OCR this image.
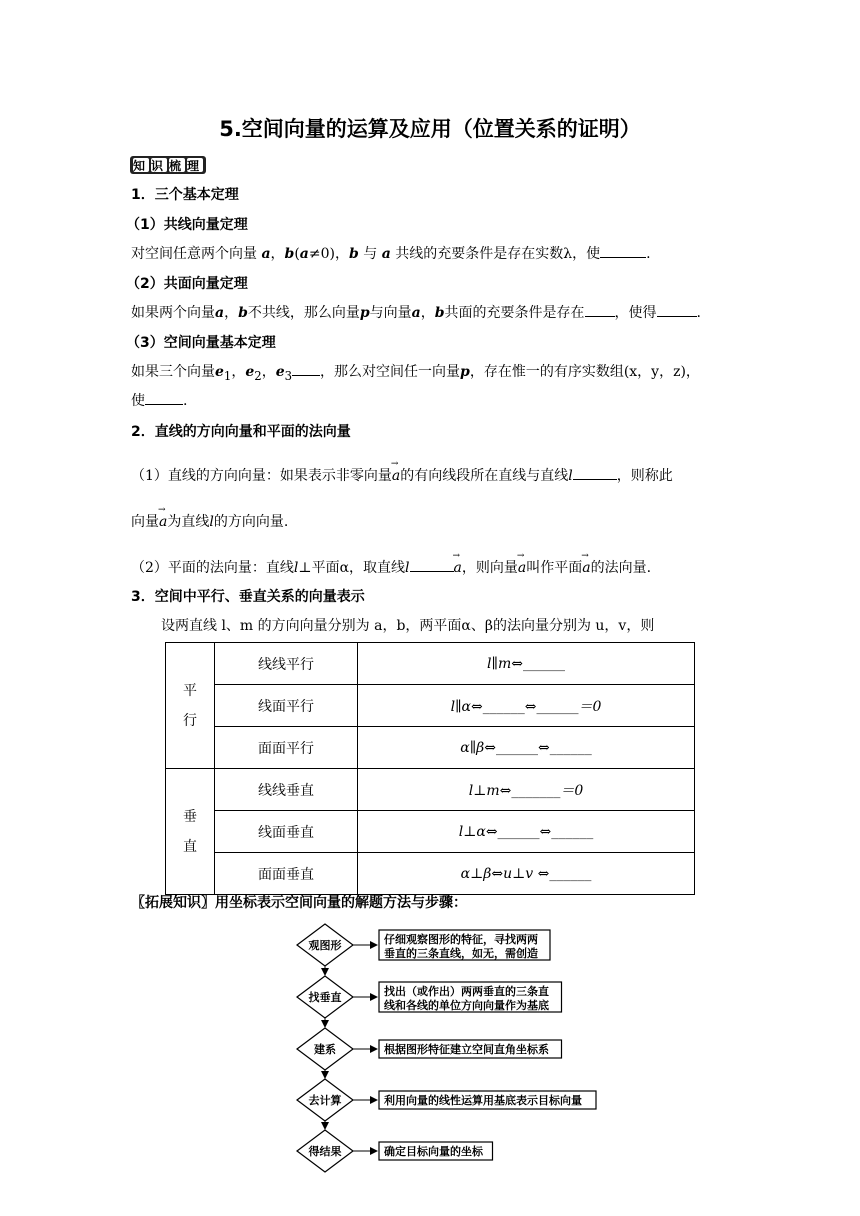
5.空间向量的运算及应用（位置关系的证明）
知识梳理
1．三个基本定理
（1）共线向量定理
对空间任意两个向量 a，b(a≠0)，b 与 a 共线的充要条件是存在实数λ，使	.
（2）共面向量定理
如果两个向量a，b不共线，那么向量p与向量a，b共面的充要条件是存在 ，使得	.
（3）空间向量基本定理
如果三个向量$e_1$，$e_2$，$e_3$ ，那么对空间任一向量p，存在惟一的有序实数组(x，y，z)，
使	.
2．直线的方向向量和平面的法向量
（1）直线的方向向量：如果表示非零向量→ a的有向线段所在直线与直线l	，则称此
向量→ a为直线l的方向向量.
（2）平面的法向量：直线l⊥平面α，取直线l	→ a，则向量→ a叫作平面→ a的法向量.
3．空间中平行、垂直关系的向量表示
设两直线 l、m 的方向向量分别为 a，b，两平面α、β的法向量分别为 u，v，则
平
行	线线平行	l∥m⇔______
	线面平行	l∥α⇔______⇔______＝0
	面面平行	α∥β⇔______⇔______
垂
直	线线垂直	l⊥m⇔_______＝0
	线面垂直	l⊥α⇔______⇔______
	面面垂直	α⊥β⇔u⊥v ⇔______
〖拓展知识〗用坐标表示空间向量的解题方法与步骤：
观图形	仔细观察图形的特征，寻找两两
垂直的三条直线，如无，需创造
找垂直	找出（或作出）两两垂直的三条直
线和各线的单位方向向量作为基底
建系	根据图形特征建立空间直角坐标系
去计算	利用向量的线性运算用基底表示目标向量
得结果	确定目标向量的坐标
